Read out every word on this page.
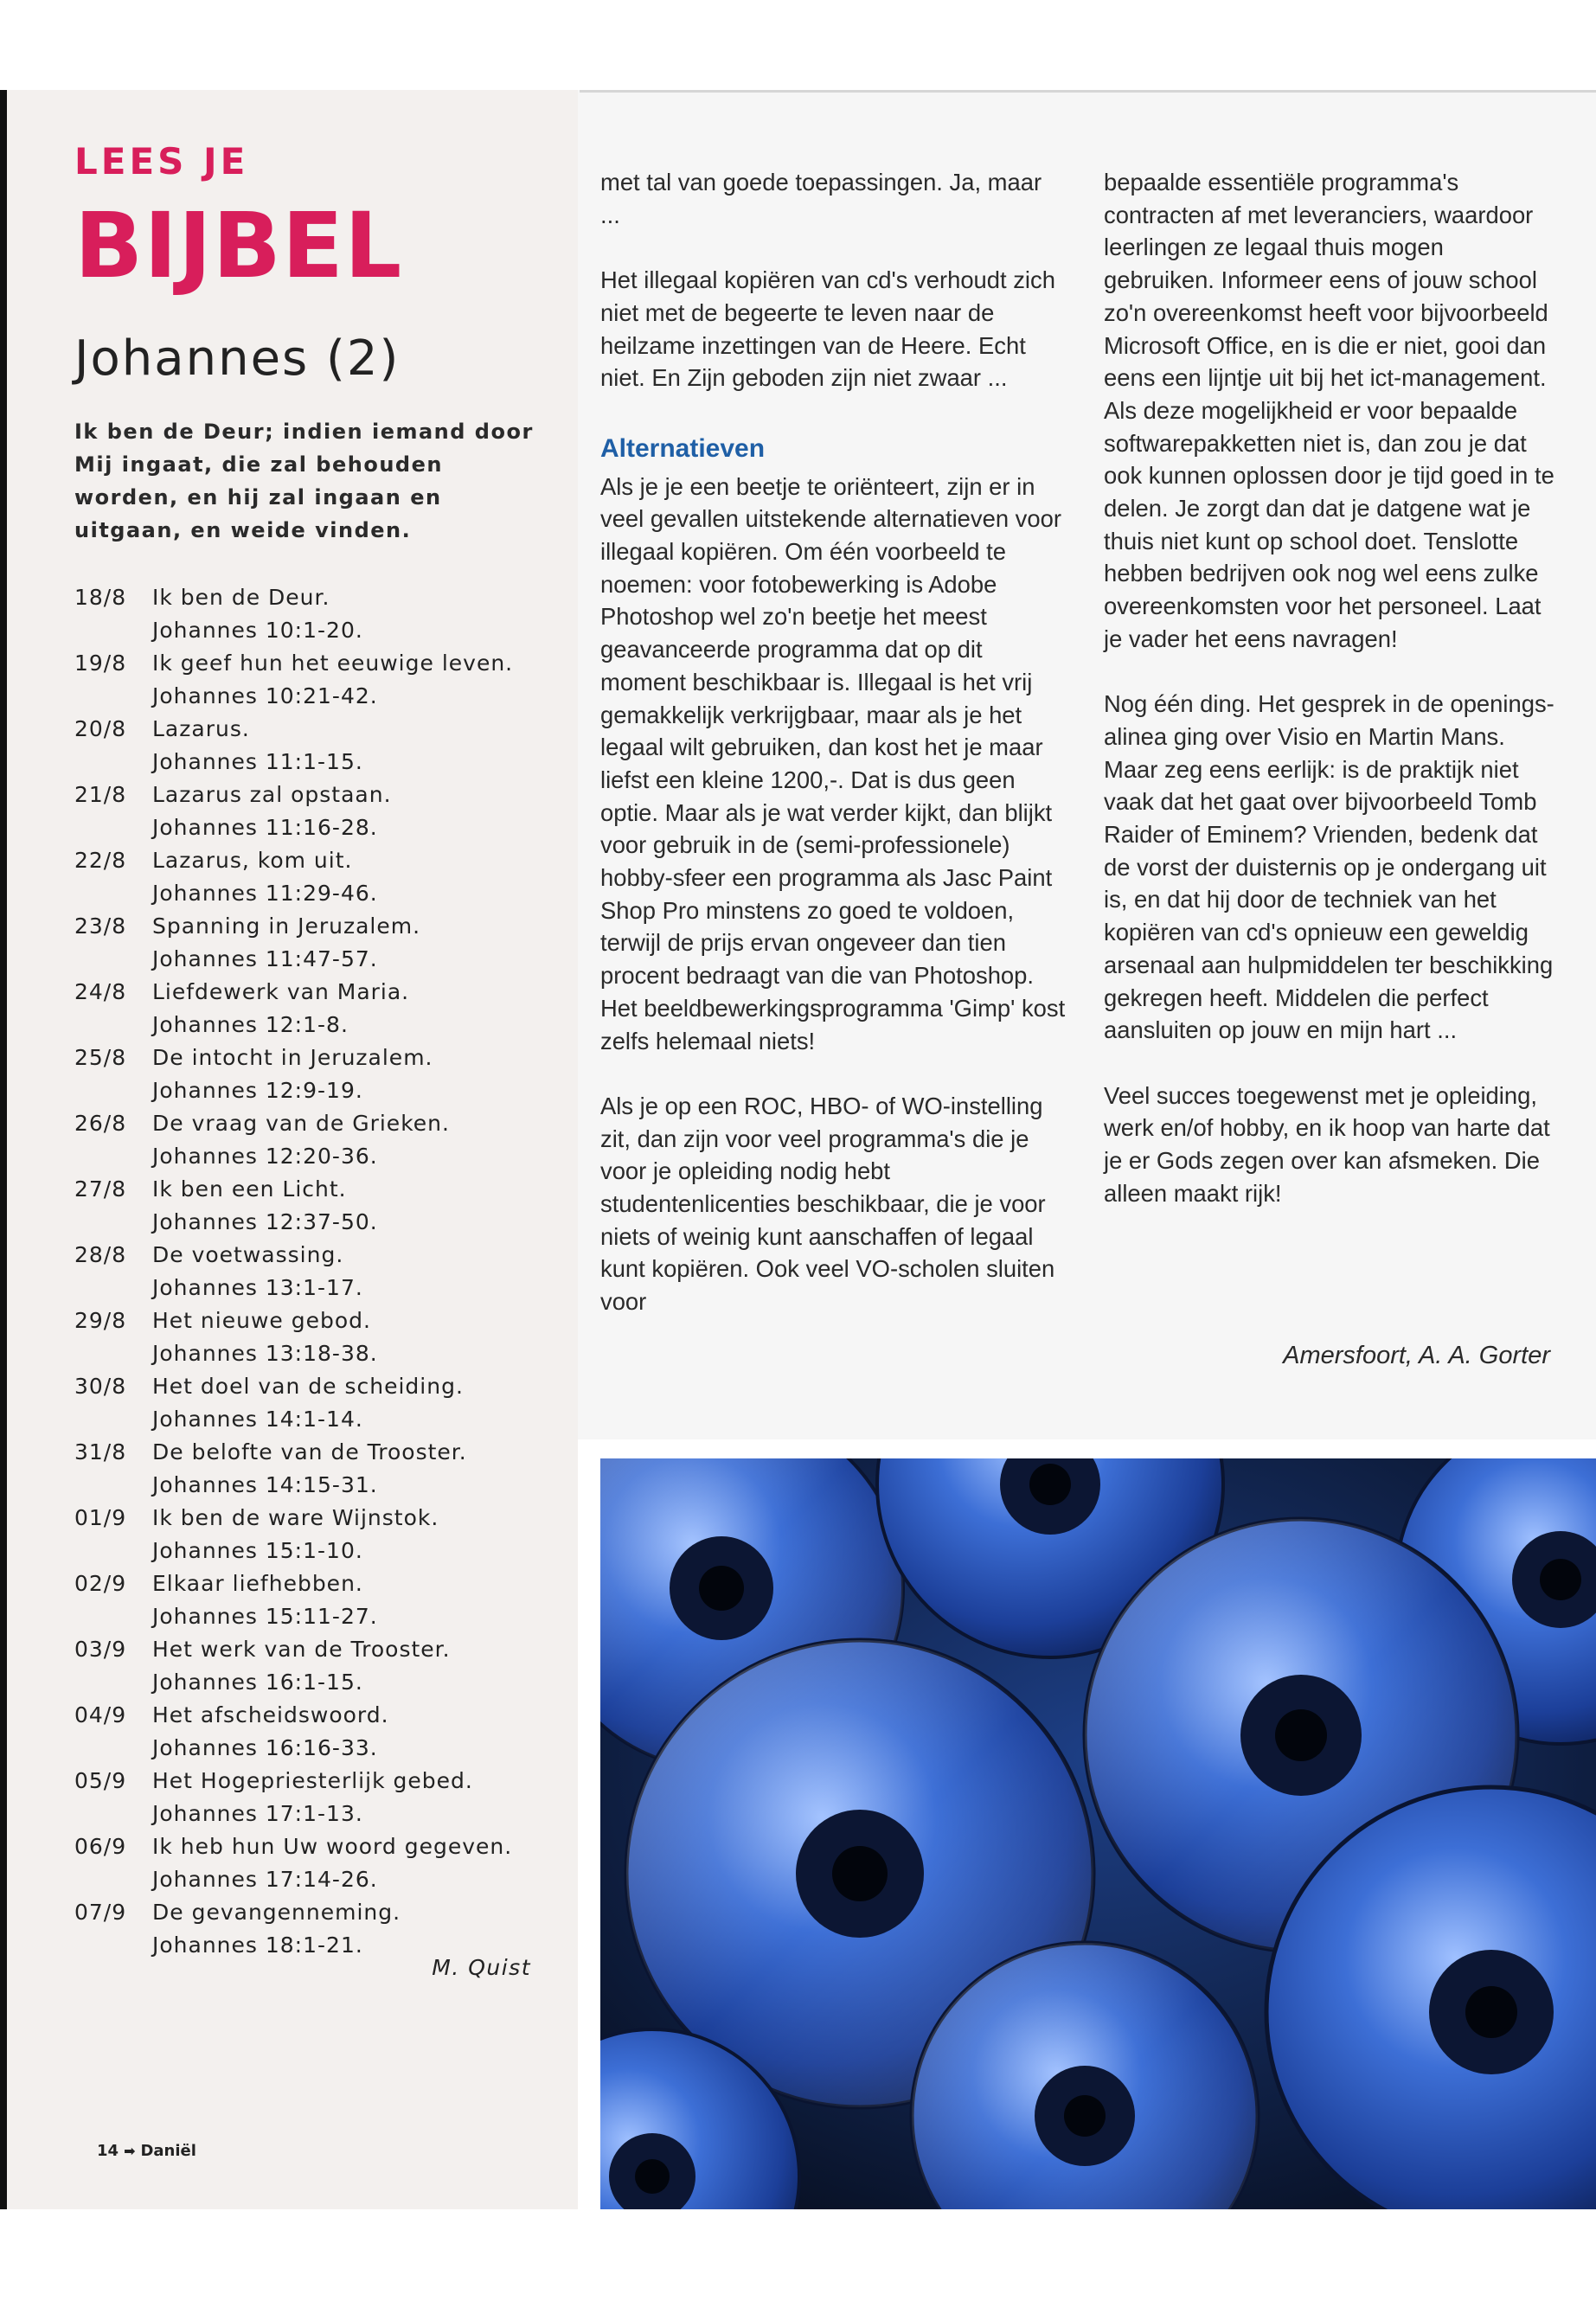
LEES JE
BIJBEL
Johannes (2)
Ik ben de Deur; indien iemand door Mij ingaat, die zal behouden worden, en hij zal ingaan en uitgaan, en weide vinden.
18/8	Ik ben de Deur.
Johannes 10:1-20.
19/8	Ik geef hun het eeuwige leven.
Johannes 10:21-42.
20/8	Lazarus.
Johannes 11:1-15.
21/8	Lazarus zal opstaan.
Johannes 11:16-28.
22/8	Lazarus, kom uit.
Johannes 11:29-46.
23/8	Spanning in Jeruzalem.
Johannes 11:47-57.
24/8	Liefdewerk van Maria.
Johannes 12:1-8.
25/8	De intocht in Jeruzalem.
Johannes 12:9-19.
26/8	De vraag van de Grieken.
Johannes 12:20-36.
27/8	Ik ben een Licht.
Johannes 12:37-50.
28/8	De voetwassing.
Johannes 13:1-17.
29/8	Het nieuwe gebod.
Johannes 13:18-38.
30/8	Het doel van de scheiding.
Johannes 14:1-14.
31/8	De belofte van de Trooster.
Johannes 14:15-31.
01/9	Ik ben de ware Wijnstok.
Johannes 15:1-10.
02/9	Elkaar liefhebben.
Johannes 15:11-27.
03/9	Het werk van de Trooster.
Johannes 16:1-15.
04/9	Het afscheidswoord.
Johannes 16:16-33.
05/9	Het Hogepriesterlijk gebed.
Johannes 17:1-13.
06/9	Ik heb hun Uw woord gegeven.
Johannes 17:14-26.
07/9	De gevangenneming.
Johannes 18:1-21.
M. Quist
14 ➡ Daniël

met tal van goede toepassingen. Ja, maar ...

Het illegaal kopiëren van cd's verhoudt zich niet met de begeerte te leven naar de heilzame inzettingen van de Heere. Echt niet. En Zijn geboden zijn niet zwaar ...

Alternatieven

Als je je een beetje te oriënteert, zijn er in veel gevallen uitstekende alternatieven voor illegaal kopiëren. Om één voorbeeld te noemen: voor fotobewerking is Adobe Photoshop wel zo'n beetje het meest geavanceerde programma dat op dit moment beschikbaar is. Illegaal is het vrij gemakkelijk verkrijgbaar, maar als je het legaal wilt gebruiken, dan kost het je maar liefst een kleine 1200,-. Dat is dus geen optie. Maar als je wat verder kijkt, dan blijkt voor gebruik in de (semi-professionele) hobby-sfeer een programma als Jasc Paint Shop Pro minstens zo goed te voldoen, terwijl de prijs ervan ongeveer dan tien procent bedraagt van die van Photoshop. Het beeldbewerkingsprogramma 'Gimp' kost zelfs helemaal niets!

Als je op een ROC, HBO- of WO-instelling zit, dan zijn voor veel programma's die je voor je opleiding nodig hebt studentenlicenties beschikbaar, die je voor niets of weinig kunt aanschaffen of legaal kunt kopiëren. Ook veel VO-scholen sluiten voor

bepaalde essentiële programma's contracten af met leveranciers, waardoor leerlingen ze legaal thuis mogen gebruiken. Informeer eens of jouw school zo'n overeenkomst heeft voor bijvoorbeeld Microsoft Office, en is die er niet, gooi dan eens een lijntje uit bij het ict-management. Als deze mogelijkheid er voor bepaalde softwarepakketten niet is, dan zou je dat ook kunnen oplossen door je tijd goed in te delen. Je zorgt dan dat je datgene wat je thuis niet kunt op school doet. Tenslotte hebben bedrijven ook nog wel eens zulke overeenkomsten voor het personeel. Laat je vader het eens navragen!

Nog één ding. Het gesprek in de openings-alinea ging over Visio en Martin Mans. Maar zeg eens eerlijk: is de praktijk niet vaak dat het gaat over bijvoorbeeld Tomb Raider of Eminem? Vrienden, bedenk dat de vorst der duisternis op je ondergang uit is, en dat hij door de techniek van het kopiëren van cd's opnieuw een geweldig arsenaal aan hulpmiddelen ter beschikking gekregen heeft. Middelen die perfect aansluiten op jouw en mijn hart ...

Veel succes toegewenst met je opleiding, werk en/of hobby, en ik hoop van harte dat je er Gods zegen over kan afsmeken. Die alleen maakt rijk!

Amersfoort, A. A. Gorter
